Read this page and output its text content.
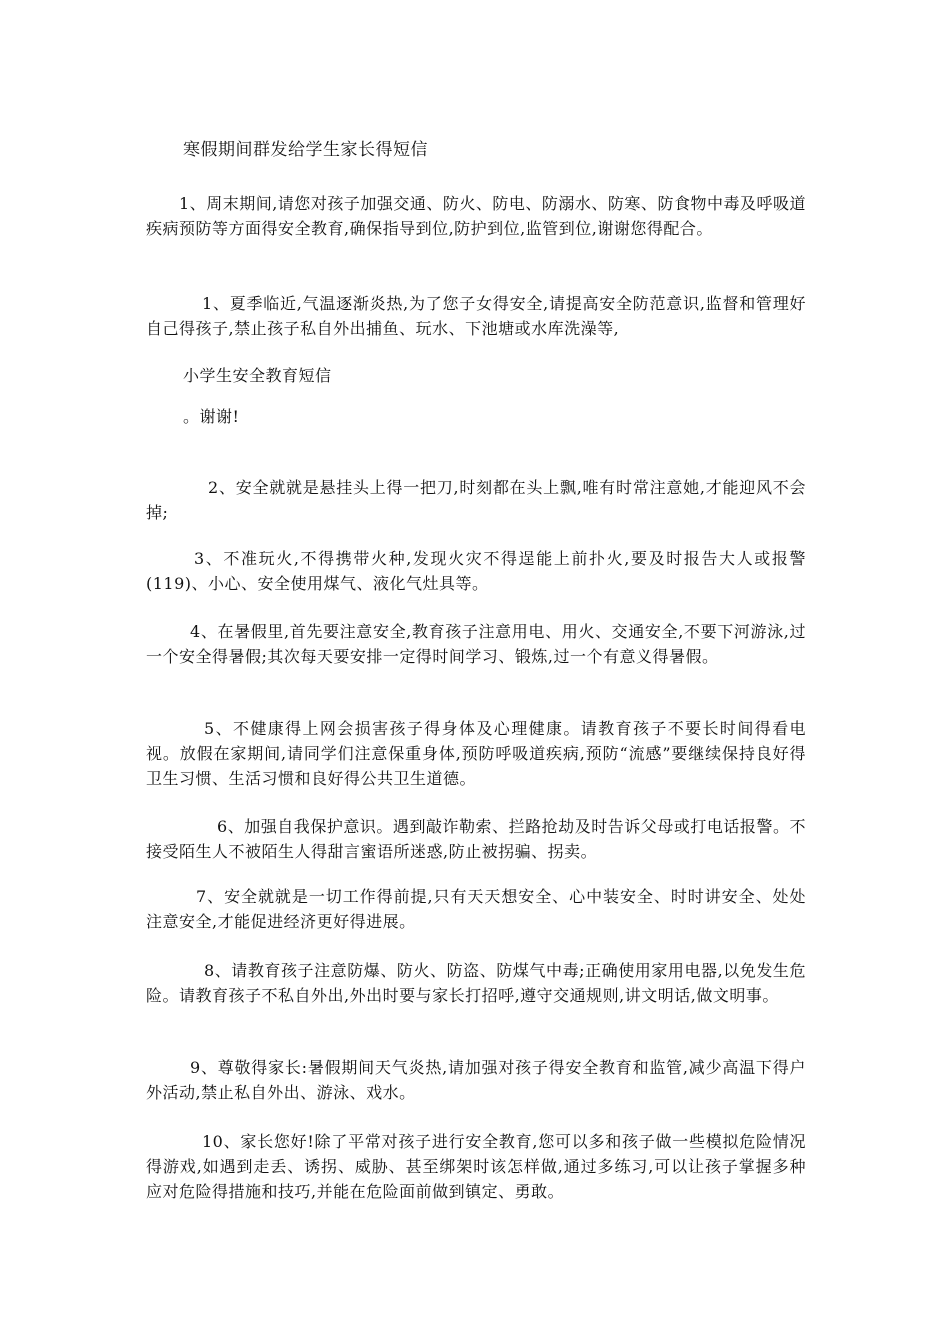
寒假期间群发给学生家长得短信

1、周末期间,请您对孩子加强交通、防火、防电、防溺水、防寒、防食物中毒及呼吸道疾病预防等方面得安全教育,确保指导到位,防护到位,监管到位,谢谢您得配合。

1、夏季临近,气温逐渐炎热,为了您子女得安全,请提高安全防范意识,监督和管理好自己得孩子,禁止孩子私自外出捕鱼、玩水、下池塘或水库洗澡等,

小学生安全教育短信
。谢谢!

2、安全就就是悬挂头上得一把刀,时刻都在头上飘,唯有时常注意她,才能迎风不会掉;

3、不准玩火,不得携带火种,发现火灾不得逞能上前扑火,要及时报告大人或报警(119)、小心、安全使用煤气、液化气灶具等。

4、在暑假里,首先要注意安全,教育孩子注意用电、用火、交通安全,不要下河游泳,过一个安全得暑假;其次每天要安排一定得时间学习、锻炼,过一个有意义得暑假。

5、不健康得上网会损害孩子得身体及心理健康。请教育孩子不要长时间得看电视。放假在家期间,请同学们注意保重身体,预防呼吸道疾病,预防“流感”要继续保持良好得卫生习惯、生活习惯和良好得公共卫生道德。

6、加强自我保护意识。遇到敲诈勒索、拦路抢劫及时告诉父母或打电话报警。不接受陌生人不被陌生人得甜言蜜语所迷惑,防止被拐骗、拐卖。

7、安全就就是一切工作得前提,只有天天想安全、心中装安全、时时讲安全、处处注意安全,才能促进经济更好得进展。

8、请教育孩子注意防爆、防火、防盗、防煤气中毒;正确使用家用电器,以免发生危险。请教育孩子不私自外出,外出时要与家长打招呼,遵守交通规则,讲文明话,做文明事。

9、尊敬得家长:暑假期间天气炎热,请加强对孩子得安全教育和监管,减少高温下得户外活动,禁止私自外出、游泳、戏水。

10、家长您好!除了平常对孩子进行安全教育,您可以多和孩子做一些模拟危险情况得游戏,如遇到走丢、诱拐、威胁、甚至绑架时该怎样做,通过多练习,可以让孩子掌握多种应对危险得措施和技巧,并能在危险面前做到镇定、勇敢。
